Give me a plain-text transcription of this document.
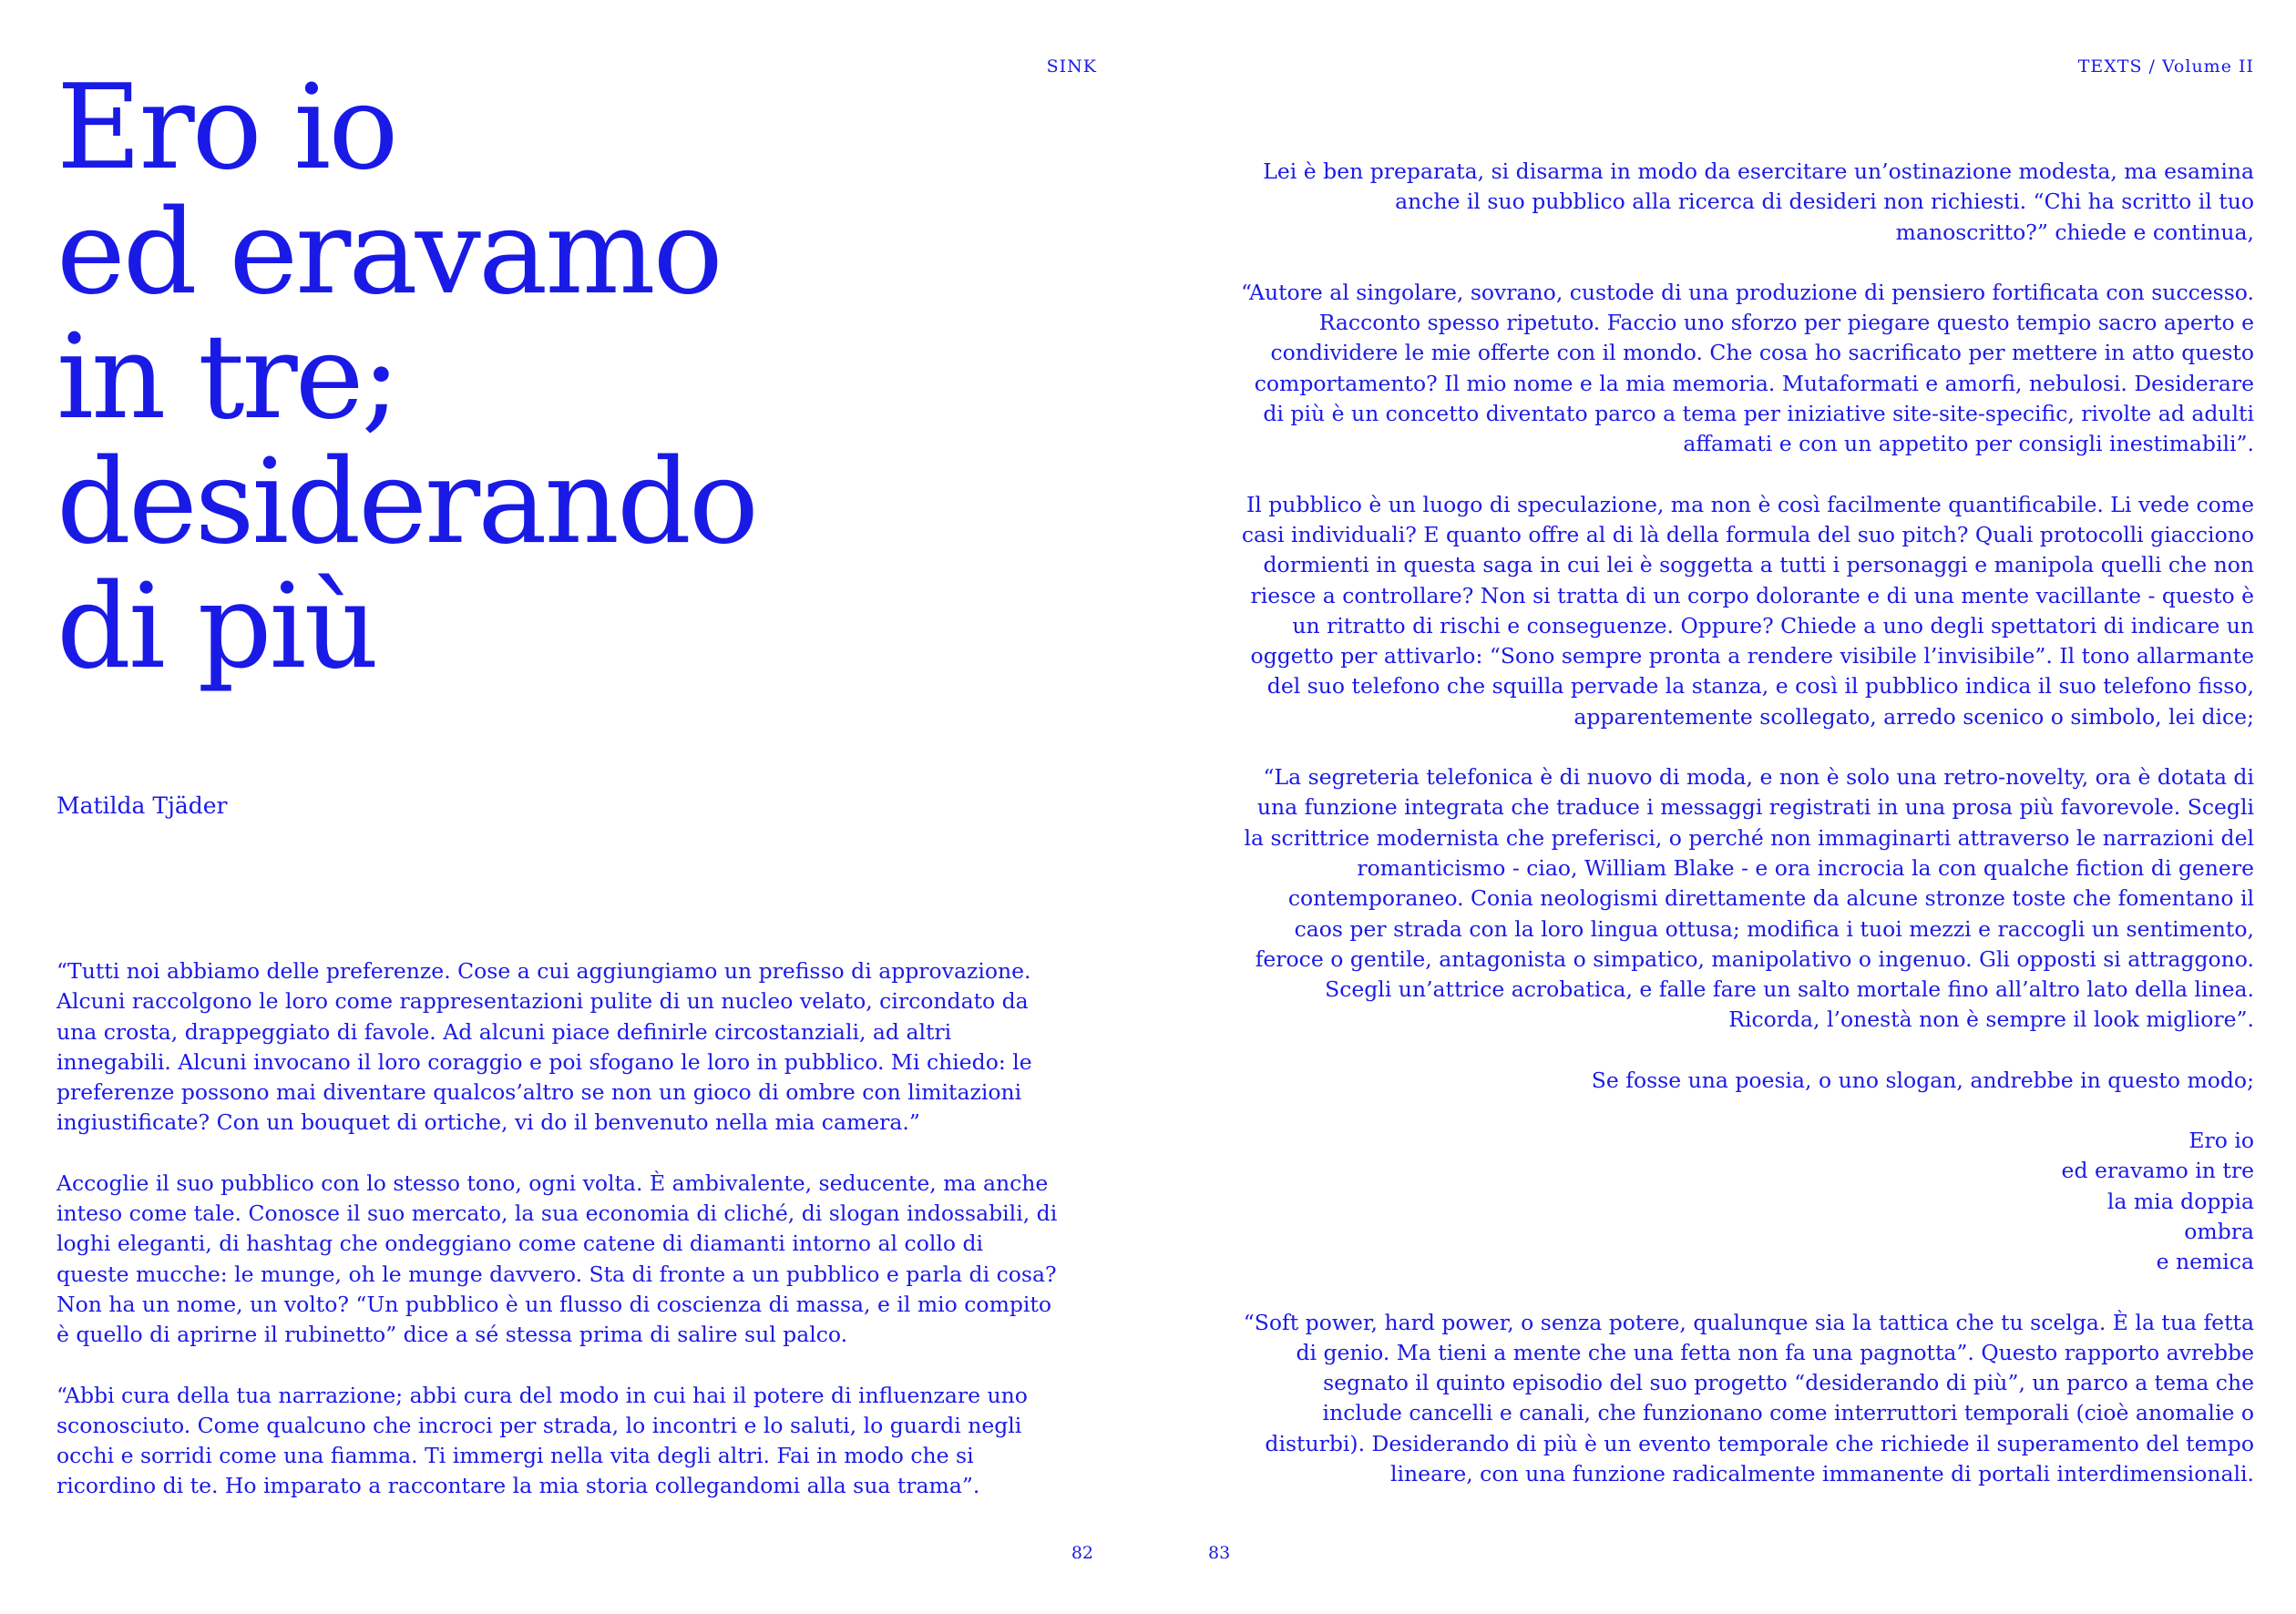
SINK
Ero io
ed eravamo
in tre;
desiderando
di più
Matilda Tjäder

“Tutti noi abbiamo delle preferenze. Cose a cui aggiungiamo un prefisso di approvazione. Alcuni raccolgono le loro come rappresentazioni pulite di un nucleo velato, circondato da una crosta, drappeggiato di favole. Ad alcuni piace definirle circostanziali, ad altri innegabili. Alcuni invocano il loro coraggio e poi sfogano le loro in pubblico. Mi chiedo: le preferenze possono mai diventare qualcos’altro se non un gioco di ombre con limitazioni ingiustificate? Con un bouquet di ortiche, vi do il benvenuto nella mia camera.”

Accoglie il suo pubblico con lo stesso tono, ogni volta. È ambivalente, seducente, ma anche inteso come tale. Conosce il suo mercato, la sua economia di cliché, di slogan indossabili, di loghi eleganti, di hashtag che ondeggiano come catene di diamanti intorno al collo di queste mucche: le munge, oh le munge davvero. Sta di fronte a un pubblico e parla di cosa? Non ha un nome, un volto? “Un pubblico è un flusso di coscienza di massa, e il mio compito è quello di aprirne il rubinetto” dice a sé stessa prima di salire sul palco.

“Abbi cura della tua narrazione; abbi cura del modo in cui hai il potere di influenzare uno sconosciuto. Come qualcuno che incroci per strada, lo incontri e lo saluti, lo guardi negli occhi e sorridi come una fiamma. Ti immergi nella vita degli altri. Fai in modo che si ricordino di te. Ho imparato a raccontare la mia storia collegandomi alla sua trama”.

82
TEXTS / Volume II

Lei è ben preparata, si disarma in modo da esercitare un’ostinazione modesta, ma esamina anche il suo pubblico alla ricerca di desideri non richiesti. “Chi ha scritto il tuo manoscritto?” chiede e continua,

“Autore al singolare, sovrano, custode di una produzione di pensiero fortificata con successo. Racconto spesso ripetuto. Faccio uno sforzo per piegare questo tempio sacro aperto e condividere le mie offerte con il mondo. Che cosa ho sacrificato per mettere in atto questo comportamento? Il mio nome e la mia memoria. Mutaformati e amorfi, nebulosi. Desiderare di più è un concetto diventato parco a tema per iniziative site-site-specific, rivolte ad adulti affamati e con un appetito per consigli inestimabili”.

Il pubblico è un luogo di speculazione, ma non è così facilmente quantificabile. Li vede come casi individuali? E quanto offre al di là della formula del suo pitch? Quali protocolli giacciono dormienti in questa saga in cui lei è soggetta a tutti i personaggi e manipola quelli che non riesce a controllare? Non si tratta di un corpo dolorante e di una mente vacillante - questo è un ritratto di rischi e conseguenze. Oppure? Chiede a uno degli spettatori di indicare un oggetto per attivarlo: “Sono sempre pronta a rendere visibile l’invisibile”. Il tono allarmante del suo telefono che squilla pervade la stanza, e così il pubblico indica il suo telefono fisso, apparentemente scollegato, arredo scenico o simbolo, lei dice;

“La segreteria telefonica è di nuovo di moda, e non è solo una retro-novelty, ora è dotata di una funzione integrata che traduce i messaggi registrati in una prosa più favorevole. Scegli la scrittrice modernista che preferisci, o perché non immaginarti attraverso le narrazioni del romanticismo - ciao, William Blake - e ora incrocia la con qualche fiction di genere contemporaneo. Conia neologismi direttamente da alcune stronze toste che fomentano il caos per strada con la loro lingua ottusa; modifica i tuoi mezzi e raccogli un sentimento, feroce o gentile, antagonista o simpatico, manipolativo o ingenuo. Gli opposti si attraggono. Scegli un’attrice acrobatica, e falle fare un salto mortale fino all’altro lato della linea. Ricorda, l’onestà non è sempre il look migliore”.

Se fosse una poesia, o uno slogan, andrebbe in questo modo;

Ero io
ed eravamo in tre
la mia doppia
ombra
e nemica

“Soft power, hard power, o senza potere, qualunque sia la tattica che tu scelga. È la tua fetta di genio. Ma tieni a mente che una fetta non fa una pagnotta”. Questo rapporto avrebbe segnato il quinto episodio del suo progetto “desiderando di più”, un parco a tema che include cancelli e canali, che funzionano come interruttori temporali (cioè anomalie o disturbi). Desiderando di più è un evento temporale che richiede il superamento del tempo lineare, con una funzione radicalmente immanente di portali interdimensionali.

83
